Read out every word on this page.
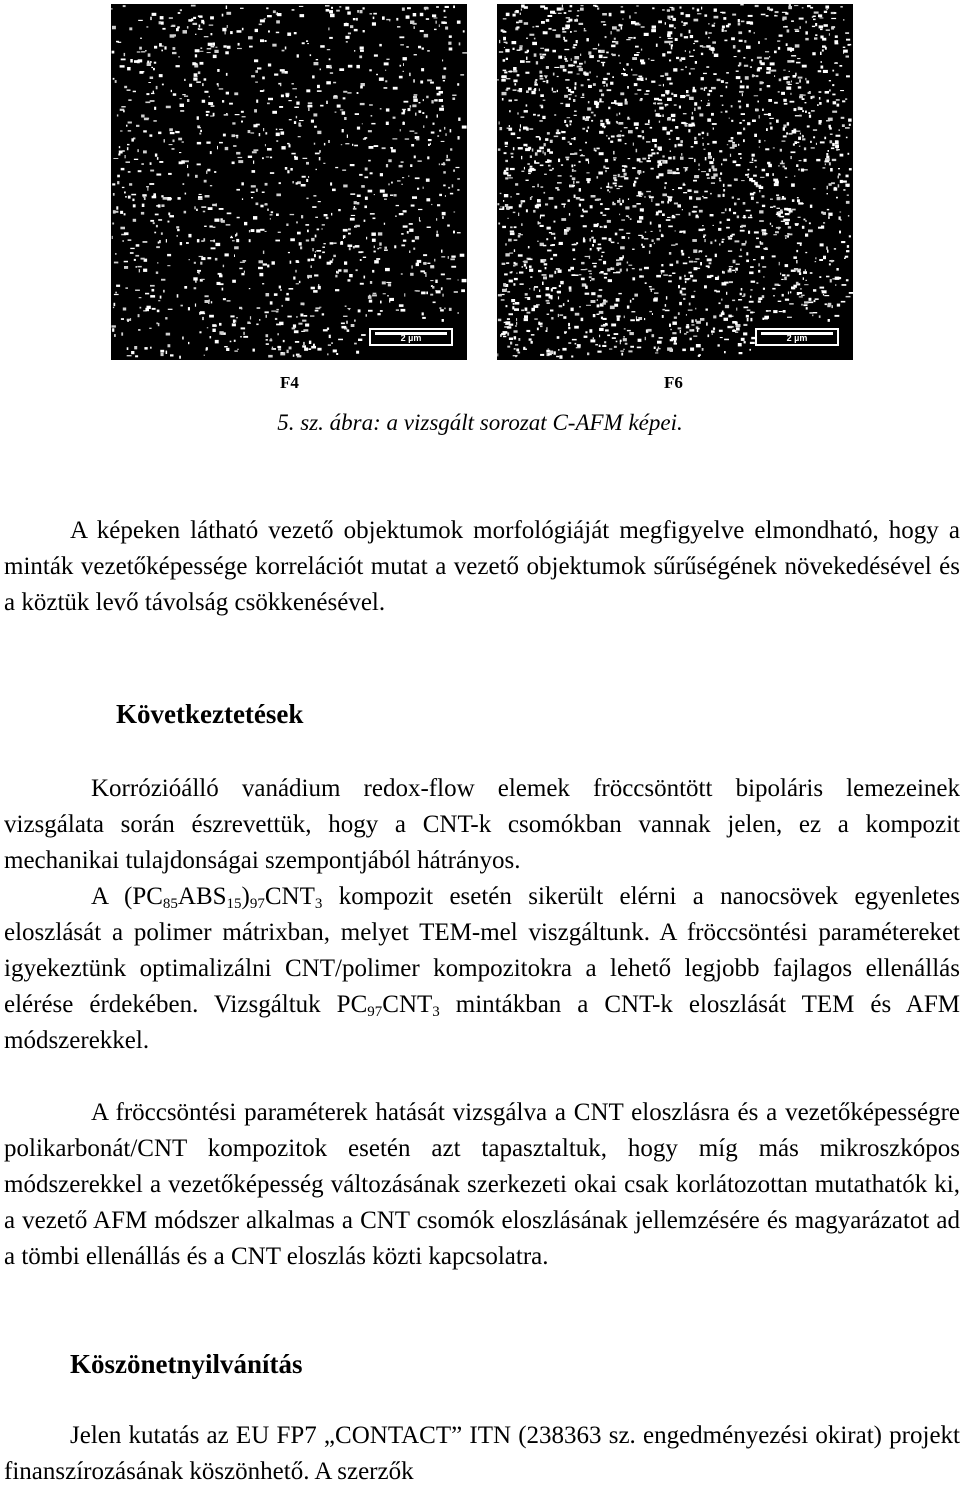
2 µm	2 µm
F4	F6
5. sz. ábra: a vizsgált sorozat C-AFM képei.
A képeken látható vezető objektumok morfológiáját megfigyelve elmondható, hogy a minták vezetőképessége korrelációt mutat a vezető objektumok sűrűségének növekedésével és a köztük levő távolság csökkenésével.
Következtetések
Korrózióálló vanádium redox-flow elemek fröccsöntött bipoláris lemezeinek vizsgálata során észrevettük, hogy a CNT-k csomókban vannak jelen, ez a kompozit mechanikai tulajdonságai szempontjából hátrányos.
A $(PC_{85}ABS_{15})_{97}CNT_3$ kompozit esetén sikerült elérni a nanocsövek egyenletes eloszlását a polimer mátrixban, melyet TEM-mel viszgáltunk. A fröccsöntési paramétereket igyekeztünk optimalizálni CNT/polimer kompozitokra a lehető legjobb fajlagos ellenállás elérése érdekében. Vizsgáltuk $PC_{97}CNT_3$ mintákban a CNT-k eloszlását TEM és AFM módszerekkel.
A fröccsöntési paraméterek hatását vizsgálva a CNT eloszlásra és a vezetőképességre polikarbonát/CNT kompozitok esetén azt tapasztaltuk, hogy míg más mikroszkópos módszerekkel a vezetőképesség változásának szerkezeti okai csak korlátozottan mutathatók ki, a vezető AFM módszer alkalmas a CNT csomók eloszlásának jellemzésére és magyarázatot ad a tömbi ellenállás és a CNT eloszlás közti kapcsolatra.
Köszönetnyilvánítás
Jelen kutatás az EU FP7 „CONTACT” ITN (238363 sz. engedményezési okirat) projekt finanszírozásának köszönhető. A szerzők
